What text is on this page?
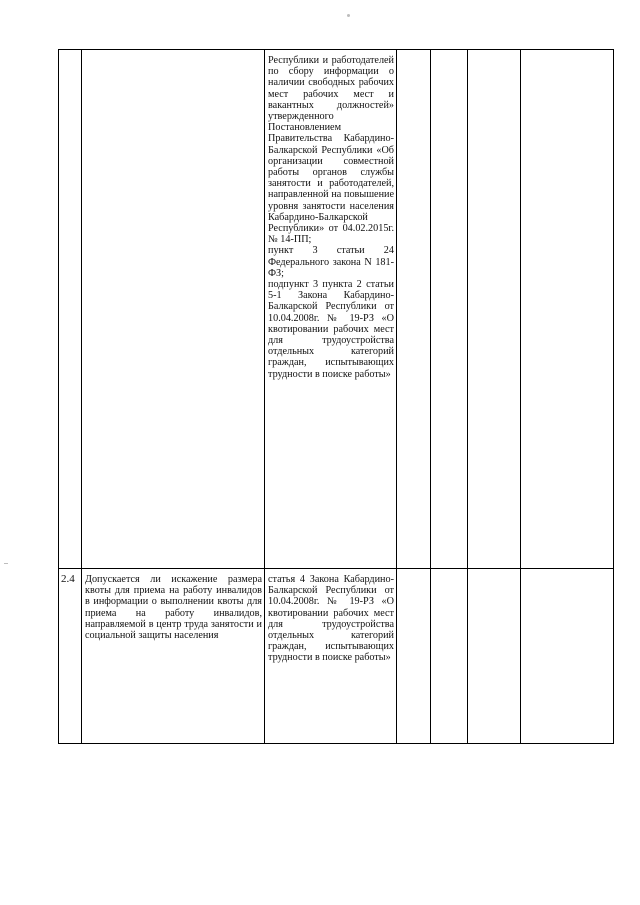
		Республики и работодателей по сбору информации о наличии свободных рабочих мест рабочих мест и вакантных должностей» утвержденного Постановлением Правительства Кабардино-Балкарской Республики «Об организации совместной работы органов службы занятости и работодателей, направленной на повышение уровня занятости населения Кабардино-Балкарской Республики» от 04.02.2015г. № 14-ПП;
пункт 3 статьи 24 Федерального закона N 181-ФЗ;
подпункт 3 пункта 2 статьи 5-1 Закона Кабардино-Балкарской Республики от 10.04.2008г. № 19-РЗ «О квотировании рабочих мест для трудоустройства отдельных категорий граждан, испытывающих трудности в поиске работы»				

2.4	Допускается ли искажение размера квоты для приема на работу инвалидов в информации о выполнении квоты для приема на работу инвалидов, направляемой в центр труда занятости и социальной защиты населения	статья 4 Закона Кабардино-Балкарской Республики от 10.04.2008г. № 19-РЗ «О квотировании рабочих мест для трудоустройства отдельных категорий граждан, испытывающих трудности в поиске работы»				
